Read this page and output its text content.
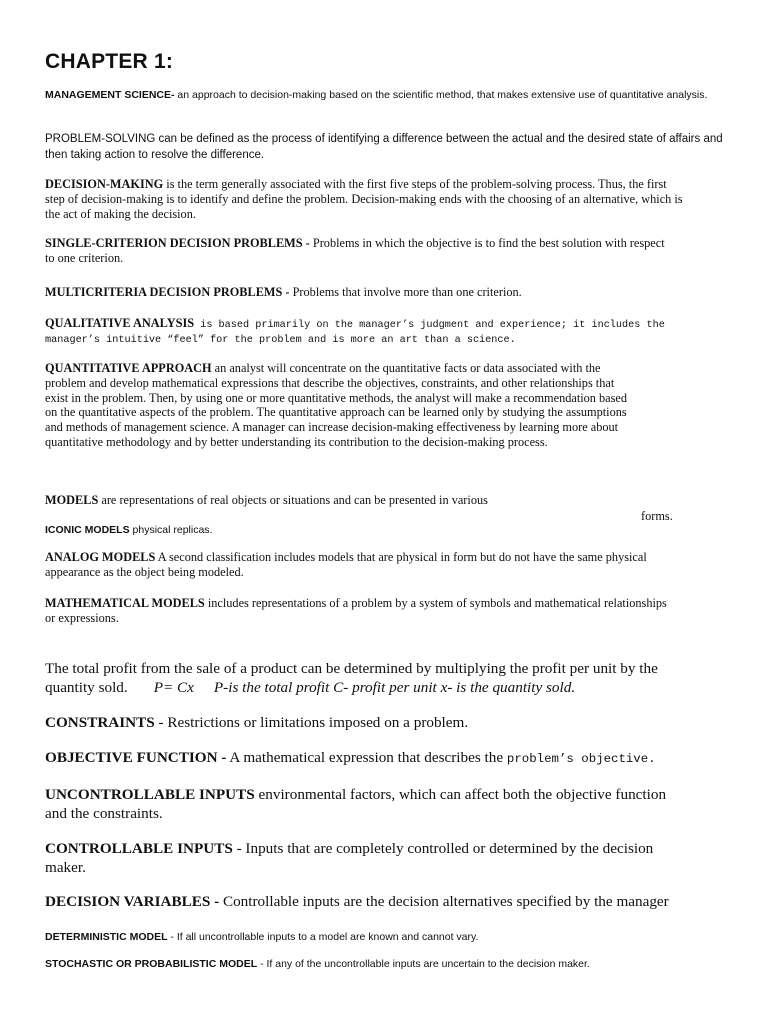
CHAPTER 1:

MANAGEMENT SCIENCE- an approach to decision-making based on the scientific method, that makes extensive use of quantitative analysis.

PROBLEM-SOLVING can be defined as the process of identifying a difference between the actual and the desired state of affairs and then taking action to resolve the difference.

DECISION-MAKING is the term generally associated with the first five steps of the problem-solving process. Thus, the first step of decision-making is to identify and define the problem. Decision-making ends with the choosing of an alternative, which is the act of making the decision.

SINGLE-CRITERION DECISION PROBLEMS - Problems in which the objective is to find the best solution with respect to one criterion.

MULTICRITERIA DECISION PROBLEMS - Problems that involve more than one criterion.

QUALITATIVE ANALYSIS is based primarily on the manager’s judgment and experience; it includes the manager’s intuitive “feel” for the problem and is more an art than a science.

QUANTITATIVE APPROACH an analyst will concentrate on the quantitative facts or data associated with the problem and develop mathematical expressions that describe the objectives, constraints, and other relationships that exist in the problem. Then, by using one or more quantitative methods, the analyst will make a recommendation based on the quantitative aspects of the problem. The quantitative approach can be learned only by studying the assumptions and methods of management science. A manager can increase decision-making effectiveness by learning more about quantitative methodology and by better understanding its contribution to the decision-making process.

MODELS are representations of real objects or situations and can be presented in various

forms.

ICONIC MODELS physical replicas.

ANALOG MODELS A second classification includes models that are physical in form but do not have the same physical appearance as the object being modeled.

MATHEMATICAL MODELS includes representations of a problem by a system of symbols and mathematical relationships or expressions.

The total profit from the sale of a product can be determined by multiplying the profit per unit by the quantity sold. P= Cx P-is the total profit C- profit per unit x- is the quantity sold.

CONSTRAINTS - Restrictions or limitations imposed on a problem.

OBJECTIVE FUNCTION - A mathematical expression that describes the problem’s objective.

UNCONTROLLABLE INPUTS environmental factors, which can affect both the objective function and the constraints.

CONTROLLABLE INPUTS - Inputs that are completely controlled or determined by the decision maker.

DECISION VARIABLES - Controllable inputs are the decision alternatives specified by the manager

DETERMINISTIC MODEL - If all uncontrollable inputs to a model are known and cannot vary.

STOCHASTIC OR PROBABILISTIC MODEL - If any of the uncontrollable inputs are uncertain to the decision maker.
